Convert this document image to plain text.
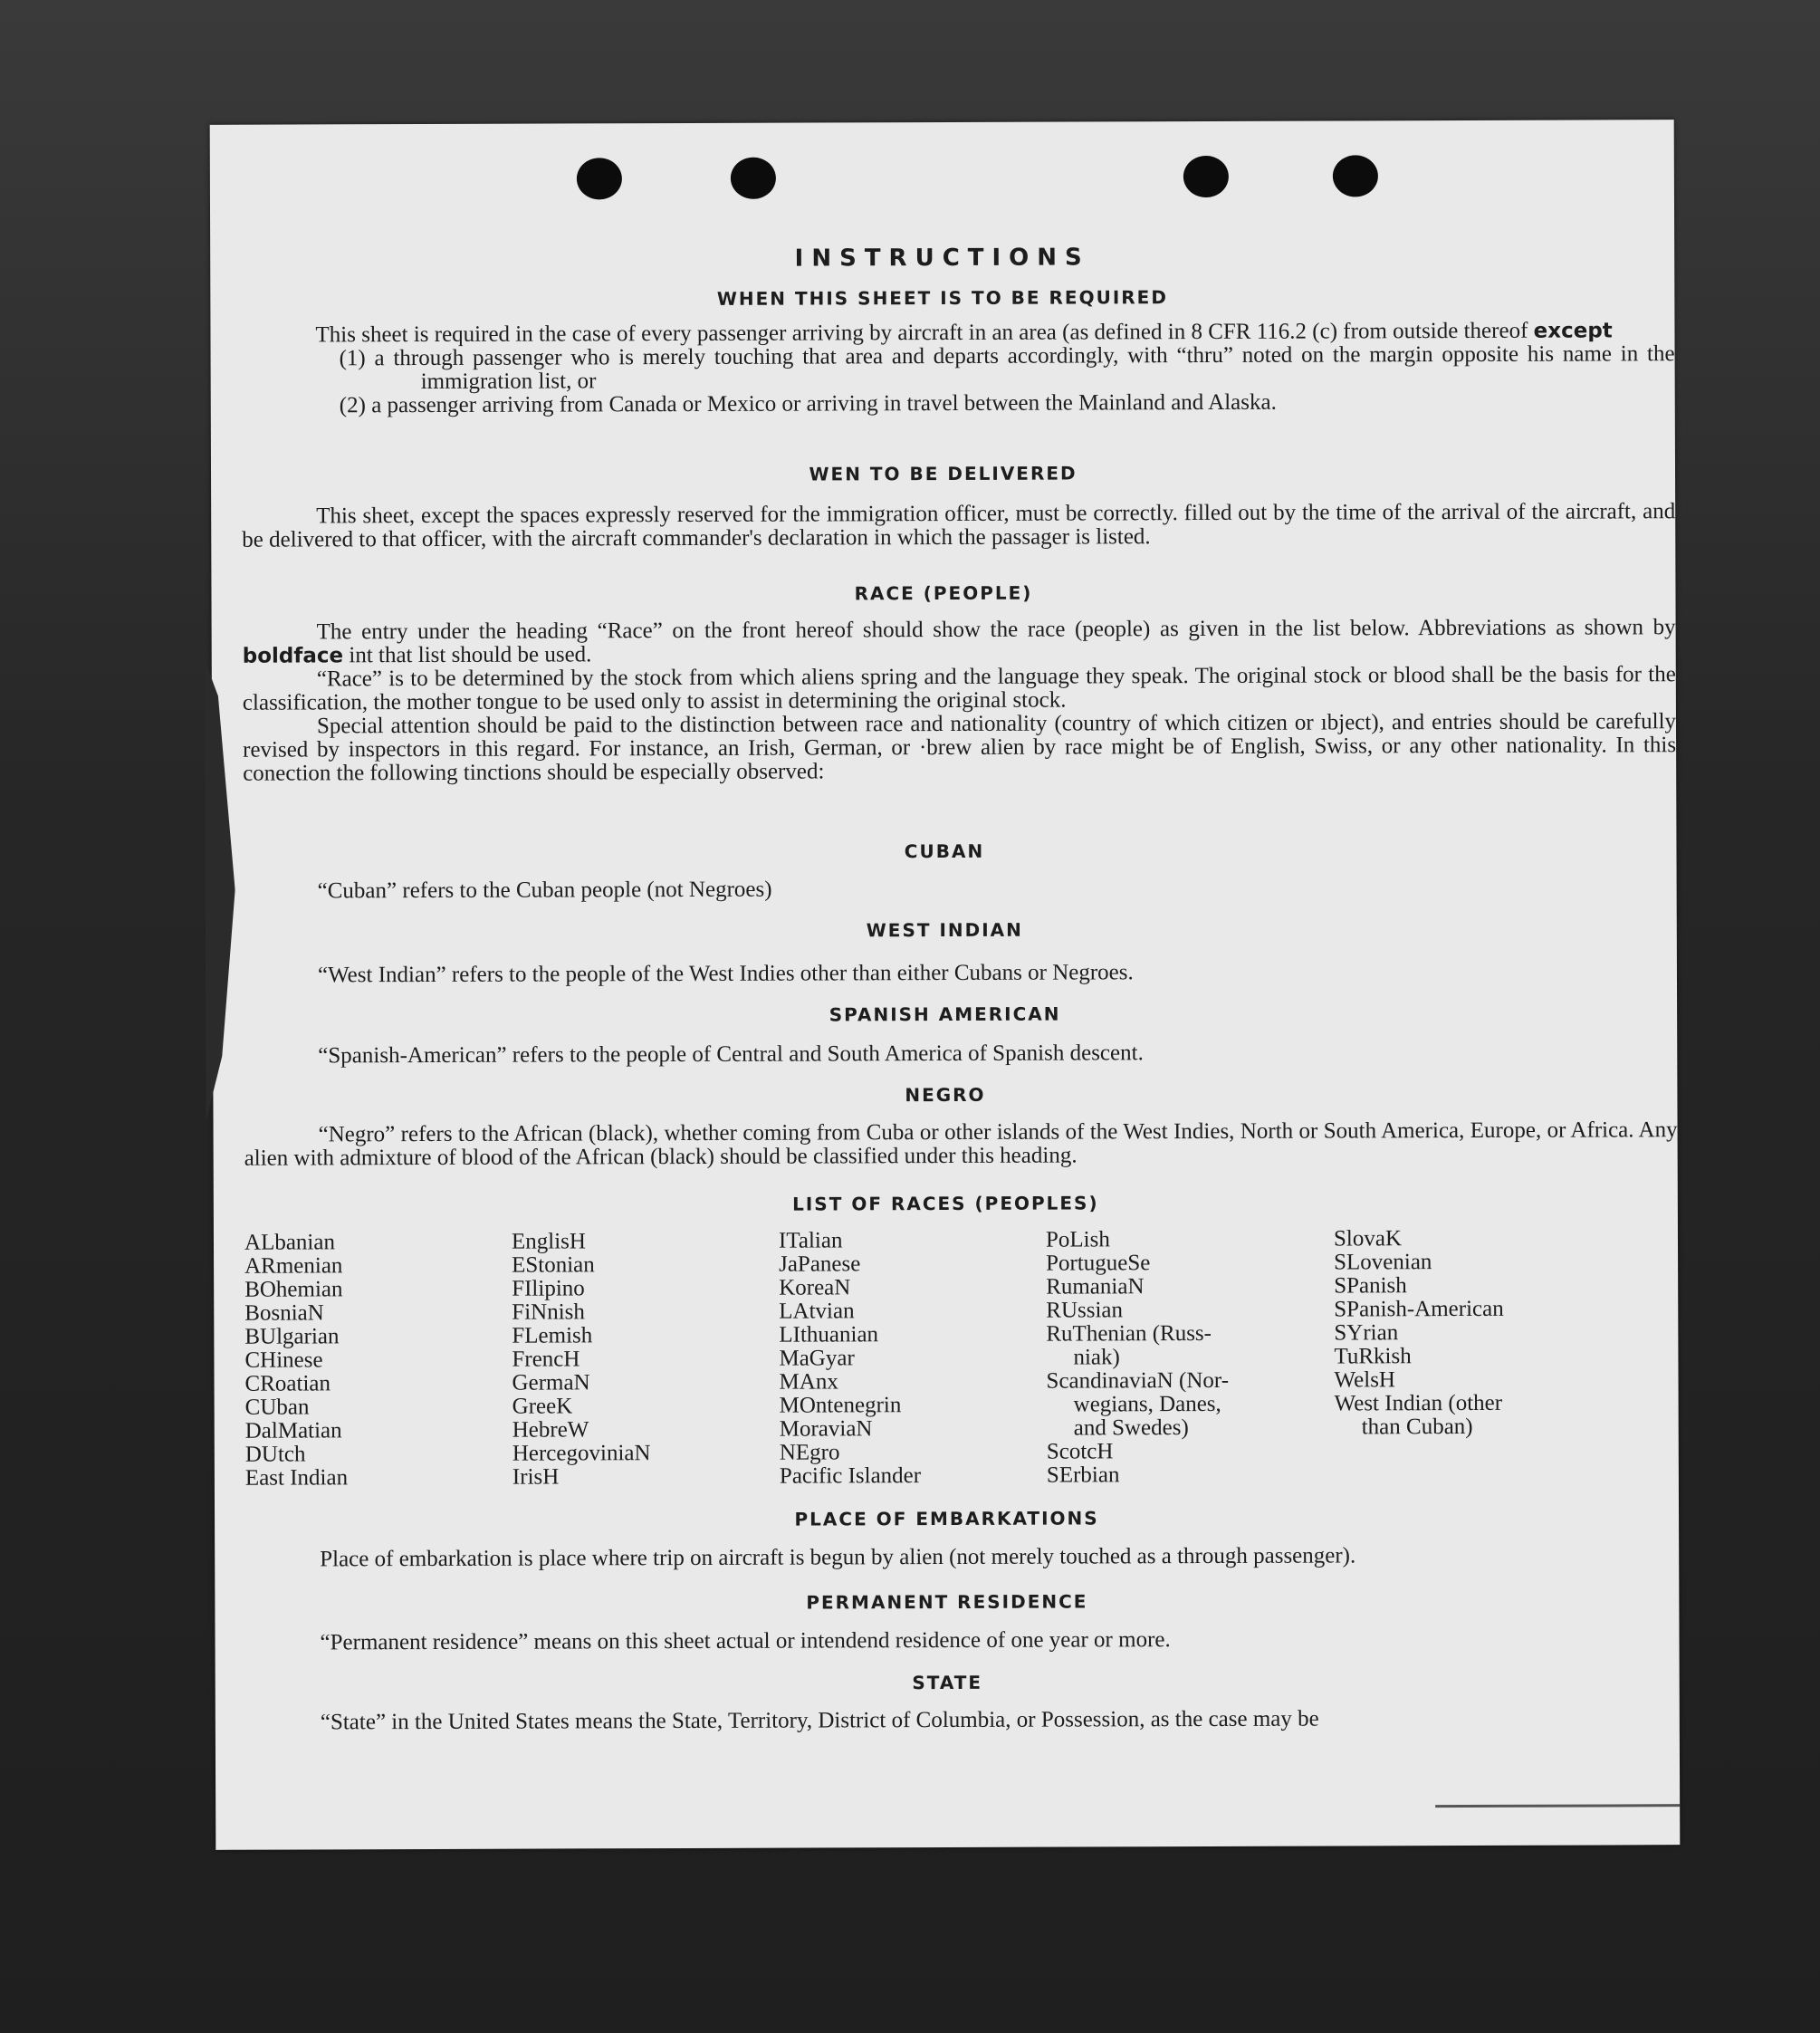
INSTRUCTIONS
WHEN THIS SHEET IS TO BE REQUIRED

This sheet is required in the case of every passenger arriving by aircraft in an area (as defined in 8 CFR 116.2 (c) from outside thereof except

(1) a through passenger who is merely touching that area and departs accordingly, with “thru” noted on the margin opposite his name in the immigration list, or

(2) a passenger arriving from Canada or Mexico or arriving in travel between the Mainland and Alaska.

WEN TO BE DELIVERED

This sheet, except the spaces expressly reserved for the immigration officer, must be correctly. filled out by the time of the arrival of the aircraft, and be delivered to that officer, with the aircraft commander's declaration in which the passager is listed.

RACE (PEOPLE)

The entry under the heading “Race” on the front hereof should show the race (people) as given in the list below. Abbreviations as shown by boldface int that list should be used.

“Race” is to be determined by the stock from which aliens spring and the language they speak. The original stock or blood shall be the basis for the classification, the mother tongue to be used only to assist in determining the original stock.

Special attention should be paid to the distinction between race and nationality (country of which citizen or ıbject), and entries should be carefully revised by inspectors in this regard. For instance, an Irish, German, or ·brew alien by race might be of English, Swiss, or any other nationality. In this conection the following tinctions should be especially observed:

CUBAN

“Cuban” refers to the Cuban people (not Negroes)

WEST INDIAN

“West Indian” refers to the people of the West Indies other than either Cubans or Negroes.

SPANISH AMERICAN

“Spanish-American” refers to the people of Central and South America of Spanish descent.

NEGRO

“Negro” refers to the African (black), whether coming from Cuba or other islands of the West Indies, North or South America, Europe, or Africa. Any alien with admixture of blood of the African (black) should be classified under this heading.

LIST OF RACES (PEOPLES)
ALbanian
ARmenian
BOhemian
BosniaN
BUlgarian
CHinese
CRoatian
CUban
DalMatian
DUtch
East Indian
EnglisH
EStonian
FIlipino
FiNnish
FLemish
FrencH
GermaN
GreeK
HebreW
HercegoviniaN
IrisH
ITalian
JaPanese
KoreaN
LAtvian
LIthuanian
MaGyar
MAnx
MOntenegrin
MoraviaN
NEgro
Pacific Islander
PoLish
PortugueSe
RumaniaN
RUssian
RuThenian (Russ-
niak)
ScandinaviaN (Nor-
wegians, Danes,
and Swedes)
ScotcH
SErbian
SlovaK
SLovenian
SPanish
SPanish-American
SYrian
TuRkish
WelsH
West Indian (other
than Cuban)
PLACE OF EMBARKATIONS

Place of embarkation is place where trip on aircraft is begun by alien (not merely touched as a through passenger).

PERMANENT RESIDENCE

“Permanent residence” means on this sheet actual or intendend residence of one year or more.

STATE

“State” in the United States means the State, Territory, District of Columbia, or Possession, as the case may be
